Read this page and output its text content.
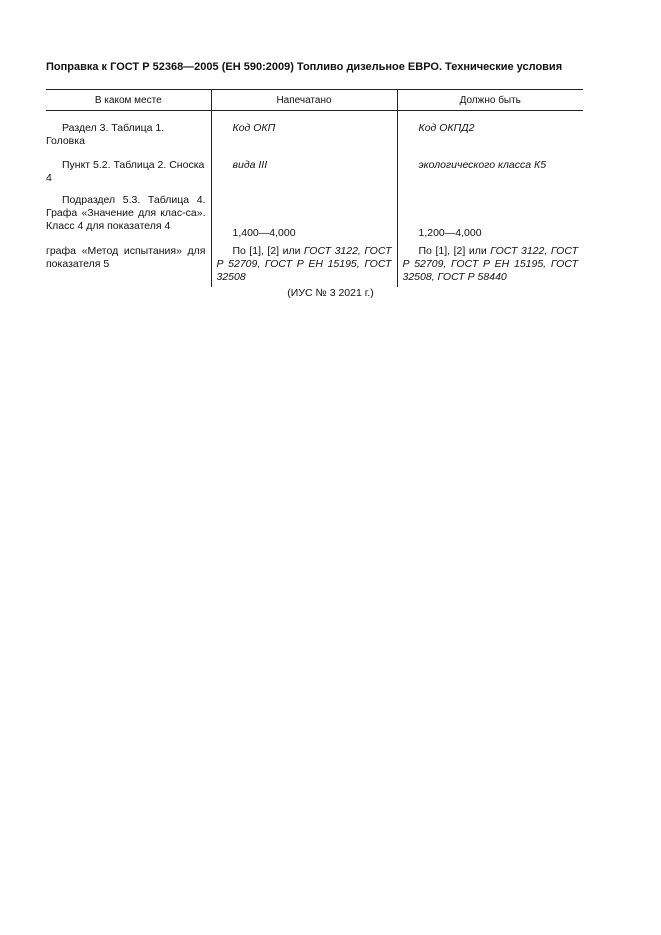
Поправка к ГОСТ Р 52368—2005 (ЕН 590:2009) Топливо дизельное ЕВРО. Технические условия
В каком месте	Напечатано	Должно быть
Раздел 3. Таблица 1. Головка	Код ОКП	Код ОКПД2
Пункт 5.2. Таблица 2. Сноска 4	вида III	экологического класса К5
Подраздел 5.3. Таблица 4. Графа «Значение для клас-са». Класс 4 для показателя 4	1,400—4,000	1,200—4,000
графа «Метод испытания» для показателя 5	По [1], [2] или ГОСТ 3122, ГОСТ Р 52709, ГОСТ Р ЕН 15195, ГОСТ 32508	По [1], [2] или ГОСТ 3122, ГОСТ Р 52709, ГОСТ Р ЕН 15195, ГОСТ 32508, ГОСТ Р 58440
(ИУС № 3 2021 г.)
